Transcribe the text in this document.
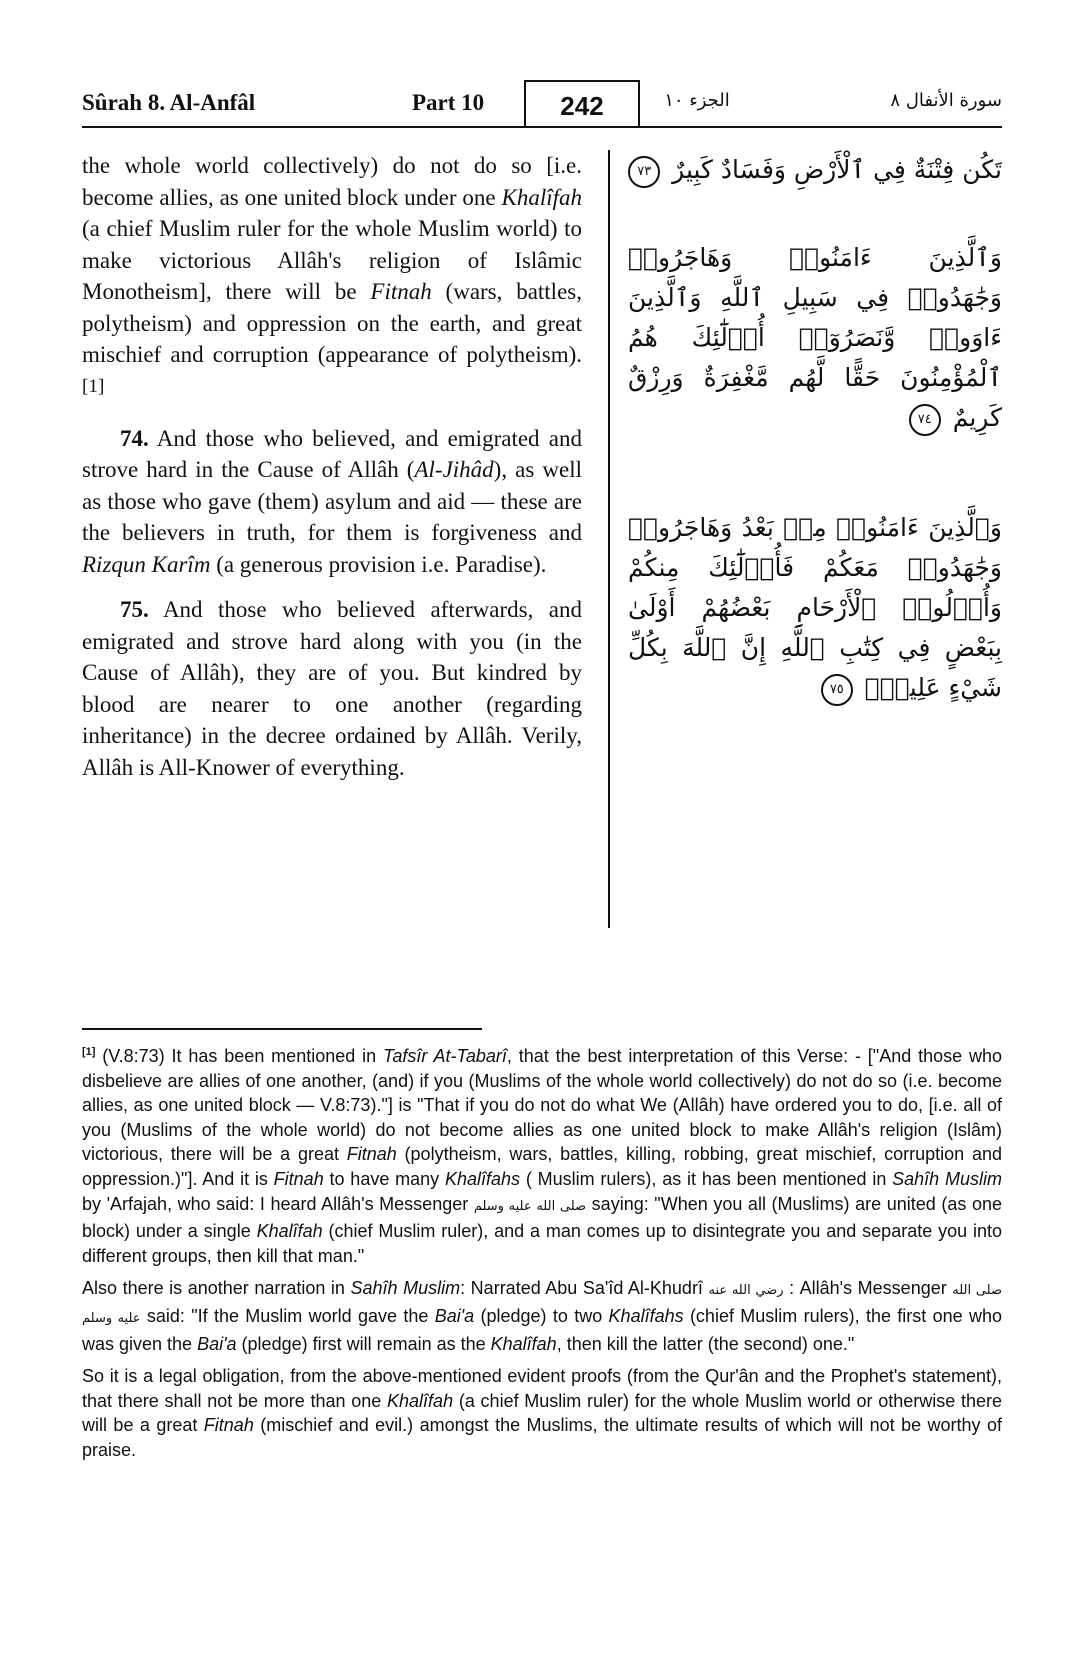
Sûrah 8. Al-Anfâl	Part 10	242	الجزء ١٠	سورة الأنفال ٨

the whole world collectively) do not do so [i.e. become allies, as one united block under one Khalîfah (a chief Muslim ruler for the whole Muslim world) to make victorious Allâh's religion of Islâmic Monotheism], there will be Fitnah (wars, battles, polytheism) and oppression on the earth, and great mischief and corruption (appearance of polytheism).[1]

74. And those who believed, and emigrated and strove hard in the Cause of Allâh (Al-Jihâd), as well as those who gave (them) asylum and aid — these are the believers in truth, for them is forgiveness and Rizqun Karîm (a generous provision i.e. Paradise).

75. And those who believed afterwards, and emigrated and strove hard along with you (in the Cause of Allâh), they are of you. But kindred by blood are nearer to one another (regarding inheritance) in the decree ordained by Allâh. Verily, Allâh is All-Knower of everything.

تَكُن فِتْنَةٌ فِي ٱلْأَرْضِ وَفَسَادٌ كَبِيرٌ ٧٣

وَٱلَّذِينَ ءَامَنُوا۟ وَهَاجَرُوا۟ وَجَٰهَدُوا۟ فِي سَبِيلِ ٱللَّهِ وَٱلَّذِينَ ءَاوَوا۟ وَّنَصَرُوٓا۟ أُو۟لَٰٓئِكَ هُمُ ٱلْمُؤْمِنُونَ حَقًّا لَّهُم مَّغْفِرَةٌ وَرِزْقٌ كَرِيمٌ ٧٤

وَٱلَّذِينَ ءَامَنُوا۟ مِنۢ بَعْدُ وَهَاجَرُوا۟ وَجَٰهَدُوا۟ مَعَكُمْ فَأُو۟لَٰٓئِكَ مِنكُمْ وَأُو۟لُوا۟ ٱلْأَرْحَامِ بَعْضُهُمْ أَوْلَىٰ بِبَعْضٍ فِي كِتَٰبِ ٱللَّهِ إِنَّ ٱللَّهَ بِكُلِّ شَيْءٍ عَلِيمٌۢ ٧٥

[1] (V.8:73) It has been mentioned in Tafsîr At-Tabarî, that the best interpretation of this Verse: - ["And those who disbelieve are allies of one another, (and) if you (Muslims of the whole world collectively) do not do so (i.e. become allies, as one united block — V.8:73)."] is "That if you do not do what We (Allâh) have ordered you to do, [i.e. all of you (Muslims of the whole world) do not become allies as one united block to make Allâh's religion (Islâm) victorious, there will be a great Fitnah (polytheism, wars, battles, killing, robbing, great mischief, corruption and oppression.)"]. And it is Fitnah to have many Khalîfahs ( Muslim rulers), as it has been mentioned in Sahîh Muslim by 'Arfajah, who said: I heard Allâh's Messenger صلى الله عليه وسلم saying: "When you all (Muslims) are united (as one block) under a single Khalîfah (chief Muslim ruler), and a man comes up to disintegrate you and separate you into different groups, then kill that man."

Also there is another narration in Sahîh Muslim: Narrated Abu Sa'îd Al-Khudrî رضي الله عنه : Allâh's Messenger صلى الله عليه وسلم said: "If the Muslim world gave the Bai'a (pledge) to two Khalîfahs (chief Muslim rulers), the first one who was given the Bai'a (pledge) first will remain as the Khalîfah, then kill the latter (the second) one."

So it is a legal obligation, from the above-mentioned evident proofs (from the Qur'ân and the Prophet's statement), that there shall not be more than one Khalîfah (a chief Muslim ruler) for the whole Muslim world or otherwise there will be a great Fitnah (mischief and evil.) amongst the Muslims, the ultimate results of which will not be worthy of praise.
